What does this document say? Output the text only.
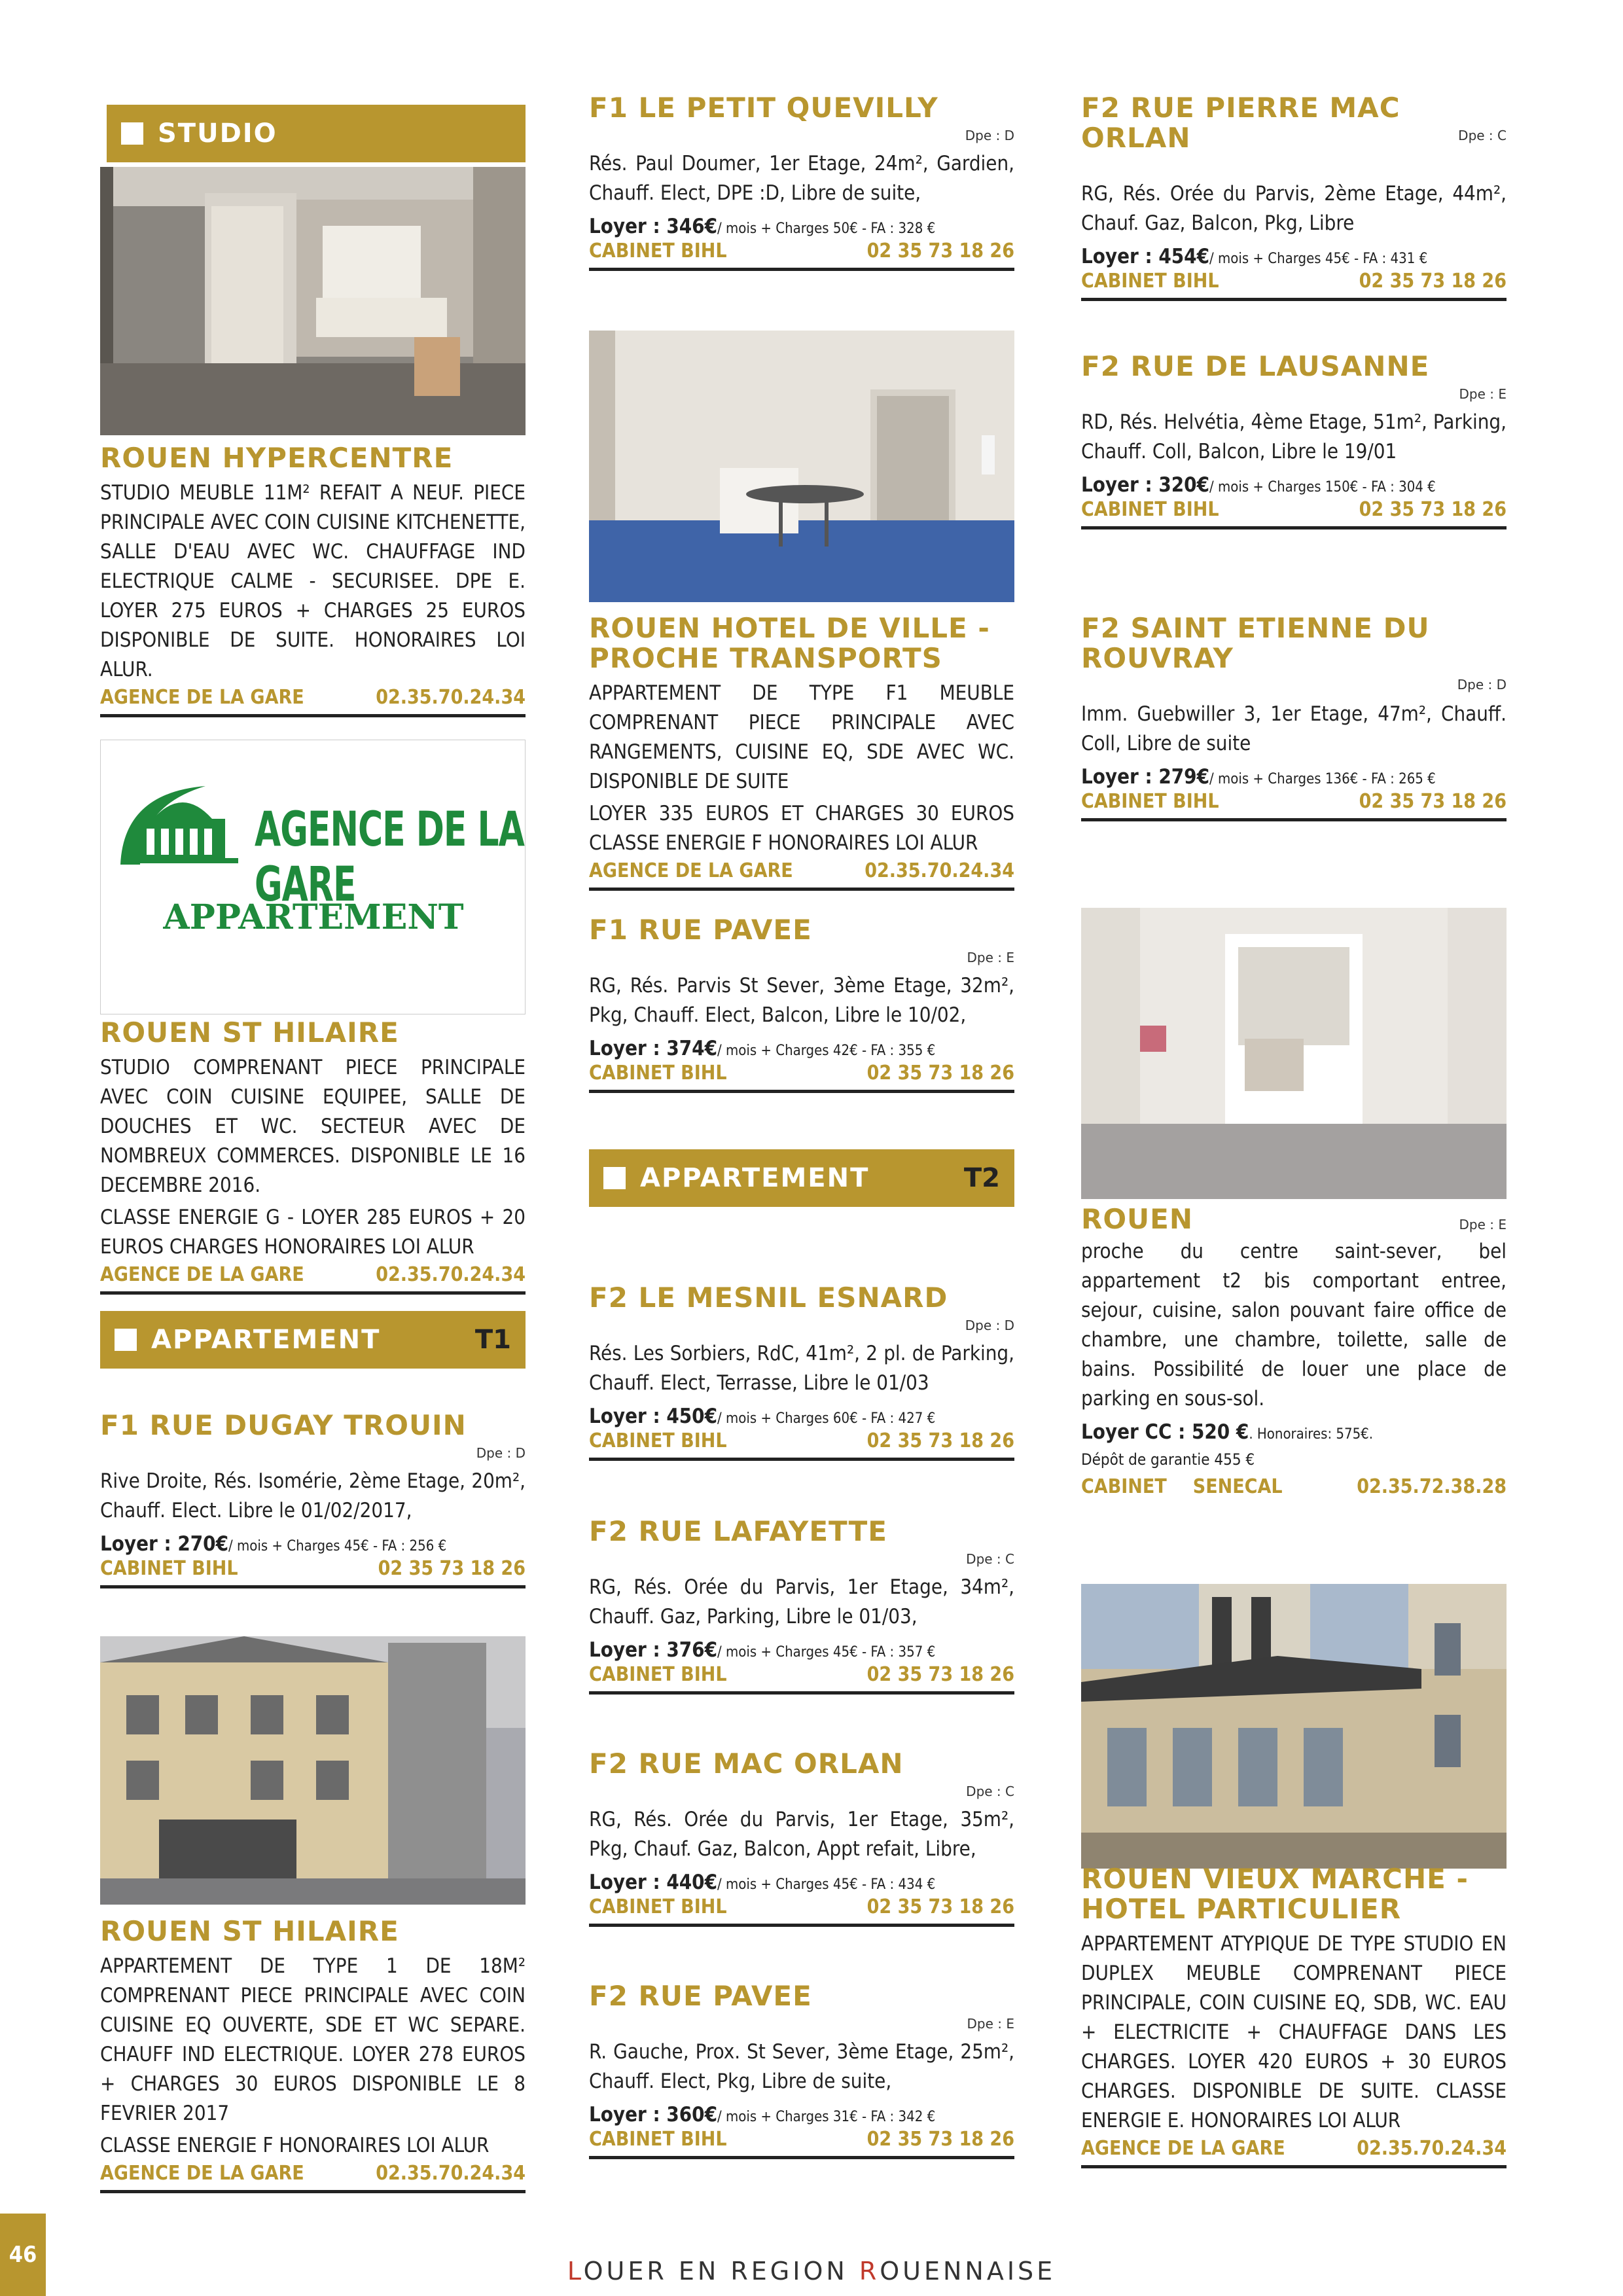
STUDIO
ROUEN HYPERCENTRE
STUDIO MEUBLE 11M² REFAIT A NEUF. PIECE PRINCIPALE AVEC COIN CUISINE KITCHENETTE, SALLE D'EAU AVEC WC. CHAUFFAGE IND ELECTRIQUE CALME - SECURISEE. DPE E. LOYER 275 EUROS + CHARGES 25 EUROS DISPONIBLE DE SUITE. HONORAIRES LOI ALUR.
AGENCE DE LA GARE	02.35.70.24.34
AGENCE DE LA GARE
APPARTEMENT
ROUEN ST HILAIRE
STUDIO COMPRENANT PIECE PRINCIPALE AVEC COIN CUISINE EQUIPEE, SALLE DE DOUCHES ET WC. SECTEUR AVEC DE NOMBREUX COMMERCES. DISPONIBLE LE 16 DECEMBRE 2016.
CLASSE ENERGIE G - LOYER 285 EUROS + 20 EUROS CHARGES HONORAIRES LOI ALUR
AGENCE DE LA GARE	02.35.70.24.34
APPARTEMENT	T1
F1 RUE DUGAY TROUIN
Dpe : D
Rive Droite, Rés. Isomérie, 2ème Etage, 20m², Chauff. Elect. Libre le 01/02/2017,
Loyer : 270€/ mois + Charges 45€ - FA : 256 €
CABINET BIHL	02 35 73 18 26
ROUEN ST HILAIRE
APPARTEMENT DE TYPE 1 DE 18M² COMPRENANT PIECE PRINCIPALE AVEC COIN CUISINE EQ OUVERTE, SDE ET WC SEPARE. CHAUFF IND ELECTRIQUE. LOYER 278 EUROS + CHARGES 30 EUROS DISPONIBLE LE 8 FEVRIER 2017
CLASSE ENERGIE F HONORAIRES LOI ALUR
AGENCE DE LA GARE	02.35.70.24.34
F1 LE PETIT QUEVILLY
Dpe : D
Rés. Paul Doumer, 1er Etage, 24m², Gardien, Chauff. Elect, DPE :D, Libre de suite,
Loyer : 346€/ mois + Charges 50€ - FA : 328 €
CABINET BIHL	02 35 73 18 26
ROUEN HOTEL DE VILLE - PROCHE TRANSPORTS
APPARTEMENT DE TYPE F1 MEUBLE COMPRENANT PIECE PRINCIPALE AVEC RANGEMENTS, CUISINE EQ, SDE AVEC WC. DISPONIBLE DE SUITE
LOYER 335 EUROS ET CHARGES 30 EUROS CLASSE ENERGIE F HONORAIRES LOI ALUR
AGENCE DE LA GARE	02.35.70.24.34
F1 RUE PAVEE
Dpe : E
RG, Rés. Parvis St Sever, 3ème Etage, 32m², Pkg, Chauff. Elect, Balcon, Libre le 10/02,
Loyer : 374€/ mois + Charges 42€ - FA : 355 €
CABINET BIHL	02 35 73 18 26
APPARTEMENT	T2
F2 LE MESNIL ESNARD
Dpe : D
Rés. Les Sorbiers, RdC, 41m², 2 pl. de Parking, Chauff. Elect, Terrasse, Libre le 01/03
Loyer : 450€/ mois + Charges 60€ - FA : 427 €
CABINET BIHL	02 35 73 18 26
F2 RUE LAFAYETTE
Dpe : C
RG, Rés. Orée du Parvis, 1er Etage, 34m², Chauff. Gaz, Parking, Libre le 01/03,
Loyer : 376€/ mois + Charges 45€ - FA : 357 €
CABINET BIHL	02 35 73 18 26
F2 RUE MAC ORLAN
Dpe : C
RG, Rés. Orée du Parvis, 1er Etage, 35m², Pkg, Chauf. Gaz, Balcon, Appt refait, Libre,
Loyer : 440€/ mois + Charges 45€ - FA : 434 €
CABINET BIHL	02 35 73 18 26
F2 RUE PAVEE
Dpe : E
R. Gauche, Prox. St Sever, 3ème Etage, 25m², Chauff. Elect, Pkg, Libre de suite,
Loyer : 360€/ mois + Charges 31€ - FA : 342 €
CABINET BIHL	02 35 73 18 26
F2 RUE PIERRE MAC ORLAN	Dpe : C
RG, Rés. Orée du Parvis, 2ème Etage, 44m², Chauf. Gaz, Balcon, Pkg, Libre
Loyer : 454€/ mois + Charges 45€ - FA : 431 €
CABINET BIHL	02 35 73 18 26
F2 RUE DE LAUSANNE
Dpe : E
RD, Rés. Helvétia, 4ème Etage, 51m², Parking, Chauff. Coll, Balcon, Libre le 19/01
Loyer : 320€/ mois + Charges 150€ - FA : 304 €
CABINET BIHL	02 35 73 18 26
F2 SAINT ETIENNE DU ROUVRAY
Dpe : D
Imm. Guebwiller 3, 1er Etage, 47m², Chauff. Coll, Libre de suite
Loyer : 279€/ mois + Charges 136€ - FA : 265 €
CABINET BIHL	02 35 73 18 26
ROUEN	Dpe : E
proche du centre saint-sever, bel appartement t2 bis comportant entree, sejour, cuisine, salon pouvant faire office de chambre, une chambre, toilette, salle de bains. Possibilité de louer une place de parking en sous-sol.
Loyer CC : 520 €. Honoraires: 575€.
Dépôt de garantie 455 €
CABINET SENECAL	02.35.72.38.28
ROUEN VIEUX MARCHE - HOTEL PARTICULIER
APPARTEMENT ATYPIQUE DE TYPE STUDIO EN DUPLEX MEUBLE COMPRENANT PIECE PRINCIPALE, COIN CUISINE EQ, SDB, WC. EAU + ELECTRICITE + CHAUFFAGE DANS LES CHARGES. LOYER 420 EUROS + 30 EUROS CHARGES. DISPONIBLE DE SUITE. CLASSE ENERGIE E. HONORAIRES LOI ALUR
AGENCE DE LA GARE	02.35.70.24.34
46
LOUER EN REGION ROUENNAISE
